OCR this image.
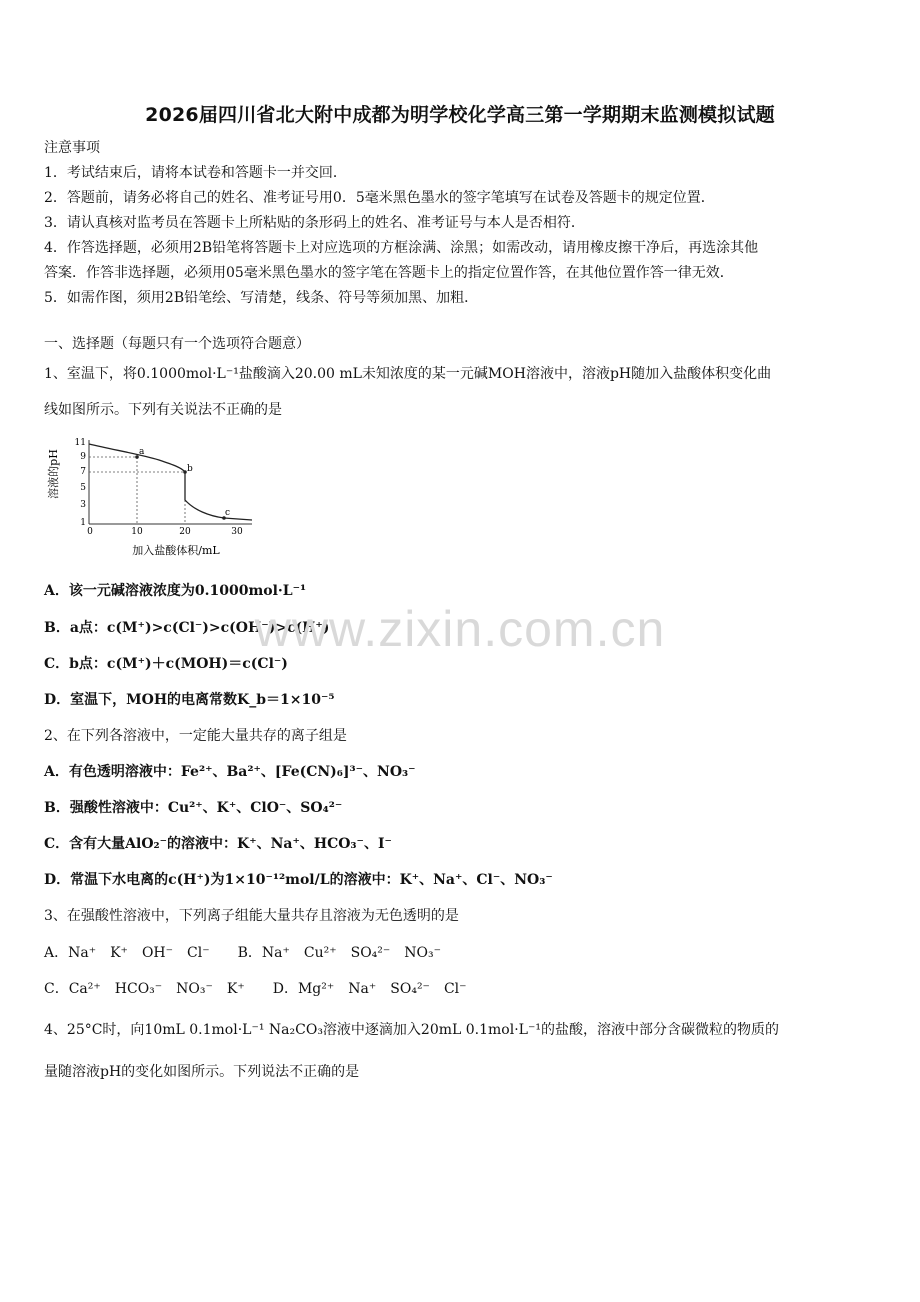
2026届四川省北大附中成都为明学校化学高三第一学期期末监测模拟试题
注意事项
1．考试结束后，请将本试卷和答题卡一并交回．
2．答题前，请务必将自己的姓名、准考证号用0．5毫米黑色墨水的签字笔填写在试卷及答题卡的规定位置．
3．请认真核对监考员在答题卡上所粘贴的条形码上的姓名、准考证号与本人是否相符．
4．作答选择题，必须用2B铅笔将答题卡上对应选项的方框涂满、涂黑；如需改动，请用橡皮擦干净后，再选涂其他
答案．作答非选择题，必须用05毫米黑色墨水的签字笔在答题卡上的指定位置作答，在其他位置作答一律无效．
5．如需作图，须用2B铅笔绘、写清楚，线条、符号等须加黑、加粗．
一、选择题（每题只有一个选项符合题意）
1、室温下，将0.1000mol·L⁻¹盐酸滴入20.00 mL未知浓度的某一元碱MOH溶液中，溶液pH随加入盐酸体积变化曲
线如图所示。下列有关说法不正确的是
溶液的pH
11
9
7
5
3
1
0	10	20	30
a
b
c
加入盐酸体积/mL
A．该一元碱溶液浓度为0.1000mol·L⁻¹
B．a点：c(M⁺)>c(Cl⁻)>c(OH⁻)>c(H⁺)
C．b点：c(M⁺)＋c(MOH)＝c(Cl⁻)
D．室温下，MOH的电离常数K_b＝1×10⁻⁵
2、在下列各溶液中，一定能大量共存的离子组是
A．有色透明溶液中：Fe²⁺、Ba²⁺、[Fe(CN)₆]³⁻、NO₃⁻
B．强酸性溶液中：Cu²⁺、K⁺、ClO⁻、SO₄²⁻
C．含有大量AlO₂⁻的溶液中：K⁺、Na⁺、HCO₃⁻、I⁻
D．常温下水电离的c(H⁺)为1×10⁻¹²mol/L的溶液中：K⁺、Na⁺、Cl⁻、NO₃⁻
3、在强酸性溶液中，下列离子组能大量共存且溶液为无色透明的是
A．Na⁺　K⁺　OH⁻　Cl⁻　　B．Na⁺　Cu²⁺　SO₄²⁻　NO₃⁻
C．Ca²⁺　HCO₃⁻　NO₃⁻　K⁺　　D．Mg²⁺　Na⁺　SO₄²⁻　Cl⁻
4、25°C时，向10mL 0.1mol·L⁻¹ Na₂CO₃溶液中逐滴加入20mL 0.1mol·L⁻¹的盐酸，溶液中部分含碳微粒的物质的
量随溶液pH的变化如图所示。下列说法不正确的是
www.zixin.com.cn
